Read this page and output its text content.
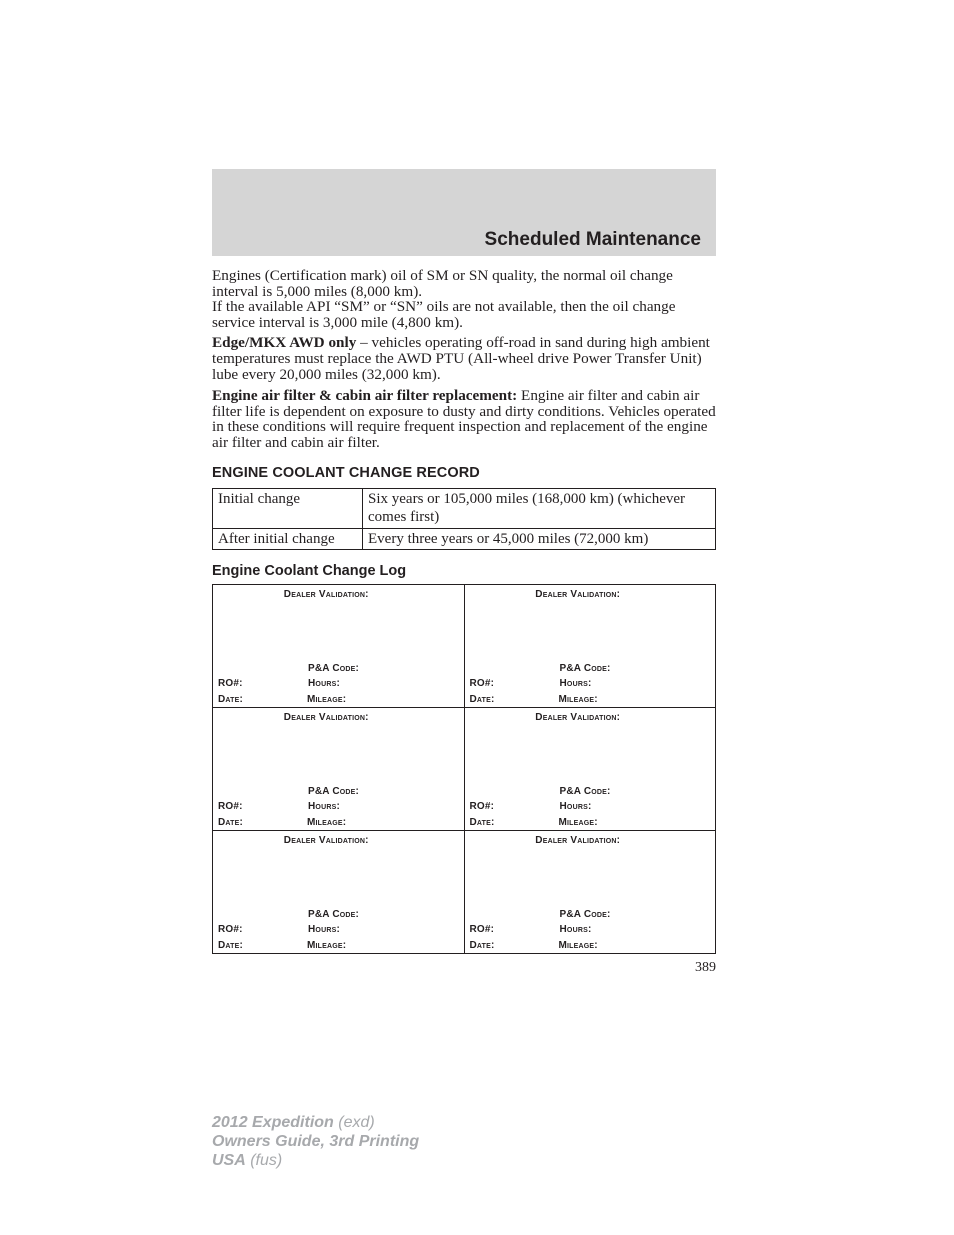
Scheduled Maintenance

Engines (Certification mark) oil of SM or SN quality, the normal oil change interval is 5,000 miles (8,000 km).
If the available API “SM” or “SN” oils are not available, then the oil change service interval is 3,000 mile (4,800 km).

Edge/MKX AWD only – vehicles operating off-road in sand during high ambient temperatures must replace the AWD PTU (All-wheel drive Power Transfer Unit) lube every 20,000 miles (32,000 km).

Engine air filter & cabin air filter replacement: Engine air filter and cabin air filter life is dependent on exposure to dusty and dirty conditions. Vehicles operated in these conditions will require frequent inspection and replacement of the engine air filter and cabin air filter.

ENGINE COOLANT CHANGE RECORD
Initial change	Six years or 105,000 miles (168,000 km) (whichever comes first)
After initial change	Every three years or 45,000 miles (72,000 km)
Engine Coolant Change Log
Dealer Validation:
P&A Code:
RO#:	Hours:
Date:	Mileage:
Dealer Validation:
P&A Code:
RO#:	Hours:
Date:	Mileage:
Dealer Validation:
P&A Code:
RO#:	Hours:
Date:	Mileage:
Dealer Validation:
P&A Code:
RO#:	Hours:
Date:	Mileage:
Dealer Validation:
P&A Code:
RO#:	Hours:
Date:	Mileage:
Dealer Validation:
P&A Code:
RO#:	Hours:
Date:	Mileage:
389
2012 Expedition (exd)
Owners Guide, 3rd Printing
USA (fus)
